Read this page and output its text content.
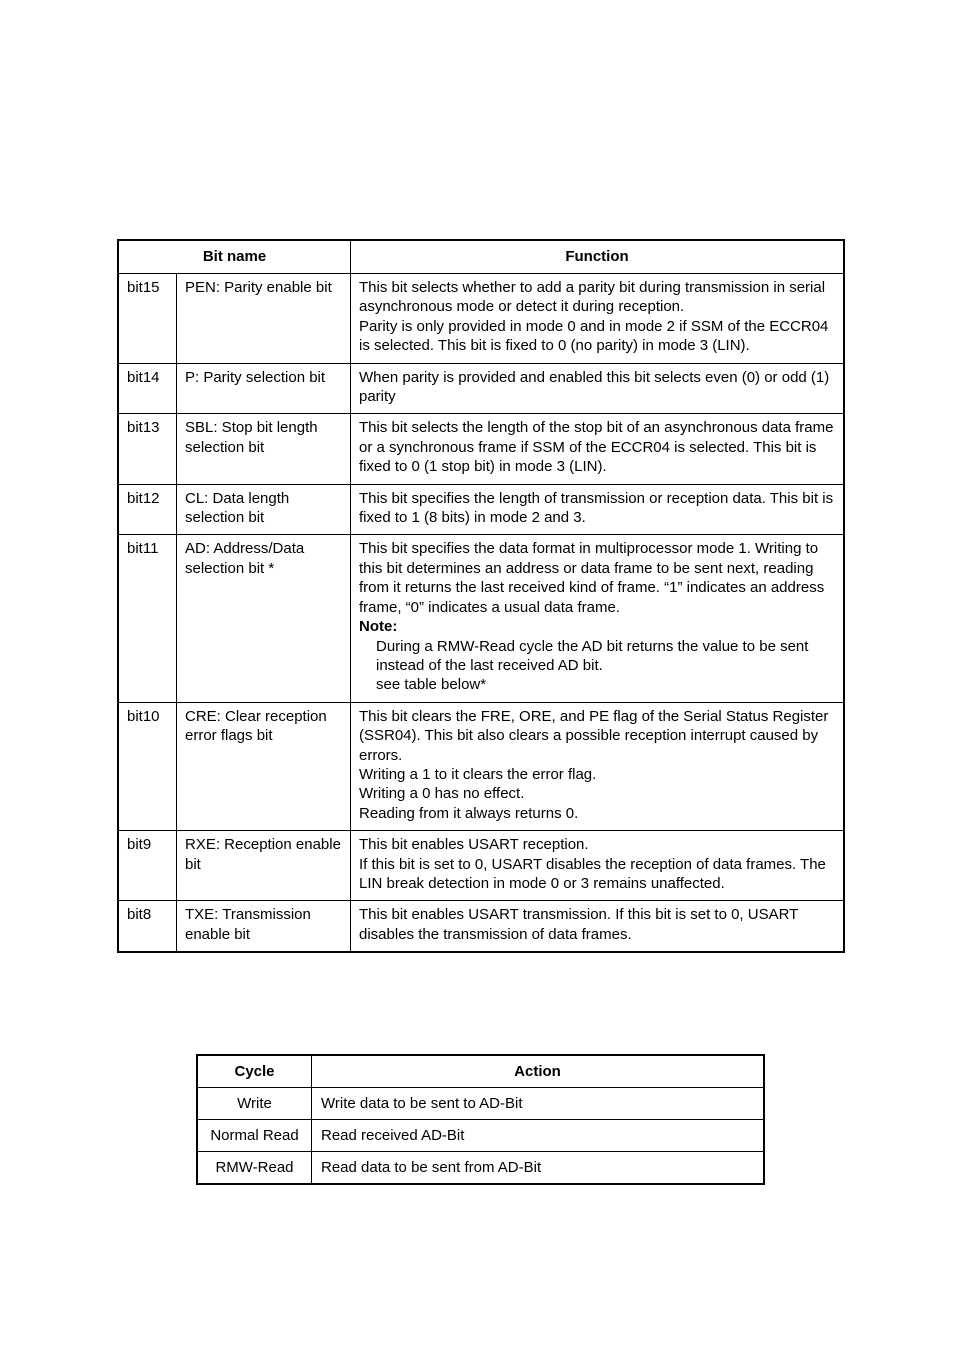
Bit name		Function
bit15	PEN: Parity enable bit	This bit selects whether to add a parity bit during transmission in serial asynchronous mode or detect it during reception.
Parity is only provided in mode 0 and in mode 2 if SSM of the ECCR04 is selected. This bit is fixed to 0 (no parity) in mode 3 (LIN).

bit14	P: Parity selection bit	When parity is provided and enabled this bit selects even (0) or odd (1) parity

bit13	SBL: Stop bit length selection bit	This bit selects the length of the stop bit of an asynchronous data frame or a synchronous frame if SSM of the ECCR04 is selected. This bit is fixed to 0 (1 stop bit) in mode 3 (LIN).

bit12	CL: Data length selection bit	This bit specifies the length of transmission or reception data. This bit is fixed to 1 (8 bits) in mode 2 and 3.

bit11	AD: Address/Data selection bit *	This bit specifies the data format in multiprocessor mode 1. Writing to this bit determines an address or data frame to be sent next, reading from it returns the last received kind of frame. “1” indicates an address frame, “0” indicates a usual data frame.
Note:
During a RMW-Read cycle the AD bit returns the value to be sent instead of the last received AD bit.
see table below*

bit10	CRE: Clear reception error flags bit	This bit clears the FRE, ORE, and PE flag of the Serial Status Register (SSR04). This bit also clears a possible reception interrupt caused by errors.
Writing a 1 to it clears the error flag.
Writing a 0 has no effect.
Reading from it always returns 0.

bit9	RXE: Reception enable bit	This bit enables USART reception.
If this bit is set to 0, USART disables the reception of data frames. The LIN break detection in mode 0 or 3 remains unaffected.

bit8	TXE: Transmission enable bit	This bit enables USART transmission. If this bit is set to 0, USART disables the transmission of data frames.
Cycle	Action
Write	Write data to be sent to AD-Bit
Normal Read	Read received AD-Bit
RMW-Read	Read data to be sent from AD-Bit
